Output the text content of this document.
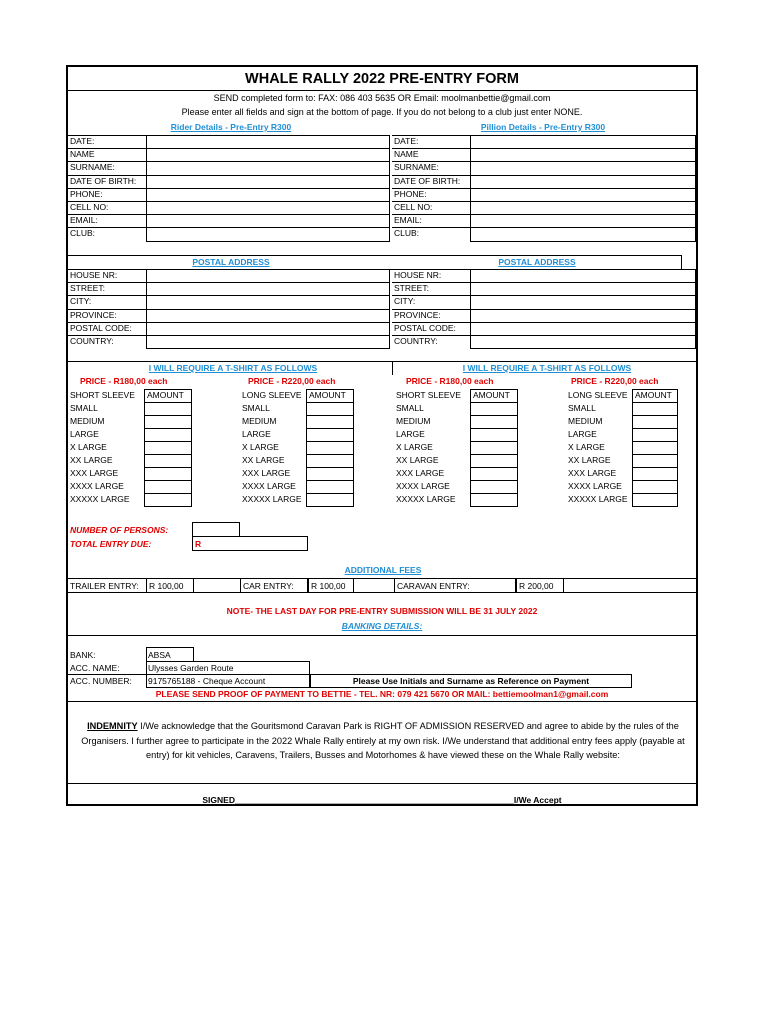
WHALE RALLY 2022 PRE-ENTRY FORM
SEND completed form to: FAX: 086 403 5635 OR Email: moolmanbettie@gmail.com
Please enter all fields and sign at the bottom of page. If you do not belong to a club just enter NONE.
Rider Details - Pre-Entry R300	Pillion Details - Pre-Entry R300
DATE:
NAME
SURNAME:
DATE OF BIRTH:
PHONE:
CELL NO:
EMAIL:
CLUB:
DATE:
NAME
SURNAME:
DATE OF BIRTH:
PHONE:
CELL NO:
EMAIL:
CLUB:
POSTAL ADDRESS	POSTAL ADDRESS
HOUSE NR:
STREET:
CITY:
PROVINCE:
POSTAL CODE:
COUNTRY:
HOUSE NR:
STREET:
CITY:
PROVINCE:
POSTAL CODE:
COUNTRY:
I WILL REQUIRE A T-SHIRT AS FOLLOWS	I WILL REQUIRE A T-SHIRT AS FOLLOWS
PRICE - R180,00 each	PRICE - R220,00 each	PRICE - R180,00 each	PRICE - R220,00 each
SHORT SLEEVE AMOUNT
SMALL
MEDIUM
LARGE
X LARGE
XX LARGE
XXX LARGE
XXXX LARGE
XXXXX LARGE
LONG SLEEVE AMOUNT
SMALL
MEDIUM
LARGE
X LARGE
XX LARGE
XXX LARGE
XXXX LARGE
XXXXX LARGE
SHORT SLEEVE AMOUNT
SMALL
MEDIUM
LARGE
X LARGE
XX LARGE
XXX LARGE
XXXX LARGE
XXXXX LARGE
LONG SLEEVE AMOUNT
SMALL
MEDIUM
LARGE
X LARGE
XX LARGE
XXX LARGE
XXXX LARGE
XXXXX LARGE
NUMBER OF PERSONS:
TOTAL ENTRY DUE:	R
ADDITIONAL FEES
TRAILER ENTRY: R 100,00	CAR ENTRY: R 100,00	CARAVAN ENTRY:	R 200,00
NOTE- THE LAST DAY FOR PRE-ENTRY SUBMISSION WILL BE 31 JULY 2022
BANKING DETAILS:
BANK:	ABSA
ACC. NAME:	Ulysses Garden Route
ACC. NUMBER: 9175765188 - Cheque Account	Please Use Initials and Surname as Reference on Payment
PLEASE SEND PROOF OF PAYMENT TO BETTIE - TEL. NR: 079 421 5670 OR MAIL: bettiemoolman1@gmail.com
INDEMNITY I/We acknowledge that the Gouritsmond Caravan Park is RIGHT OF ADMISSION RESERVED and agree to abide by the rules of the Organisers. I further agree to participate in the 2022 Whale Rally entirely at my own risk. I/We understand that additional entry fees apply (payable at entry) for kit vehicles, Caravens, Trailers, Busses and Motorhomes & have viewed these on the Whale Rally website:
SIGNED___________________________________________________________I/We Accept
